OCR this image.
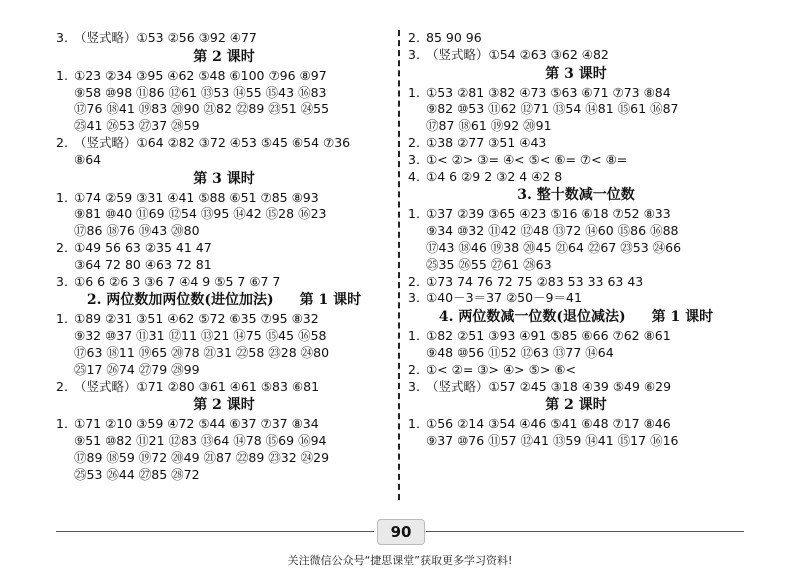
3. （竖式略）①53 ②56 ③92 ④77
第 2 课时
1. ①23 ②34 ③95 ④62 ⑤48 ⑥100 ⑦96 ⑧97
⑨58 ⑩98 ⑪86 ⑫61 ⑬53 ⑭55 ⑮43 ⑯83
⑰76 ⑱41 ⑲83 ⑳90 ㉑82 ㉒89 ㉓51 ㉔55
㉕41 ㉖53 ㉗37 ㉘59
2. （竖式略）①64 ②82 ③72 ④53 ⑤45 ⑥54 ⑦36
⑧64
第 3 课时
1. ①74 ②59 ③31 ④41 ⑤88 ⑥51 ⑦85 ⑧93
⑨81 ⑩40 ⑪69 ⑫54 ⑬95 ⑭42 ⑮28 ⑯23
⑰86 ⑱76 ⑲43 ⑳80
2. ①49 56 63 ②35 41 47
③64 72 80 ④63 72 81
3. ①6 6 ②6 3 ③6 7 ④4 9 ⑤5 7 ⑥7 7
2. 两位数加两位数(进位加法) 第 1 课时
1. ①89 ②31 ③51 ④62 ⑤72 ⑥35 ⑦95 ⑧32
⑨32 ⑩37 ⑪31 ⑫11 ⑬21 ⑭75 ⑮45 ⑯58
⑰63 ⑱11 ⑲65 ⑳78 ㉑31 ㉒58 ㉓28 ㉔80
㉕17 ㉖74 ㉗79 ㉘99
2. （竖式略）①71 ②80 ③61 ④61 ⑤83 ⑥81
第 2 课时
1. ①71 ②10 ③59 ④72 ⑤44 ⑥37 ⑦37 ⑧34
⑨51 ⑩82 ⑪21 ⑫83 ⑬64 ⑭78 ⑮69 ⑯94
⑰89 ⑱59 ⑲72 ⑳49 ㉑87 ㉒89 ㉓32 ㉔29
㉕53 ㉖44 ㉗85 ㉘72
2. 85 90 96
3. （竖式略）①54 ②63 ③62 ④82
第 3 课时
1. ①53 ②81 ③82 ④73 ⑤63 ⑥71 ⑦73 ⑧84
⑨82 ⑩53 ⑪62 ⑫71 ⑬54 ⑭81 ⑮61 ⑯87
⑰87 ⑱61 ⑲92 ⑳91
2. ①38 ②77 ③51 ④43
3. ①< ②> ③= ④< ⑤< ⑥= ⑦< ⑧=
4. ①4 6 ②9 2 ③2 4 ④2 8
3. 整十数减一位数
1. ①37 ②39 ③65 ④23 ⑤16 ⑥18 ⑦52 ⑧33
⑨34 ⑩32 ⑪42 ⑫48 ⑬72 ⑭60 ⑮86 ⑯88
⑰43 ⑱46 ⑲38 ⑳45 ㉑64 ㉒67 ㉓53 ㉔66
㉕35 ㉖55 ㉗61 ㉘63
2. ①73 74 76 72 75 ②83 53 33 63 43
3. ①40－3＝37 ②50－9＝41
4. 两位数减一位数(退位减法) 第 1 课时
1. ①82 ②51 ③93 ④91 ⑤85 ⑥66 ⑦62 ⑧61
⑨48 ⑩56 ⑪52 ⑫63 ⑬77 ⑭64
2. ①< ②= ③> ④> ⑤> ⑥<
3. （竖式略）①57 ②45 ③18 ④39 ⑤49 ⑥29
第 2 课时
1. ①56 ②14 ③54 ④46 ⑤41 ⑥48 ⑦17 ⑧46
⑨37 ⑩76 ⑪57 ⑫41 ⑬59 ⑭41 ⑮17 ⑯16
90
关注微信公众号“捷思课堂”获取更多学习资料!
